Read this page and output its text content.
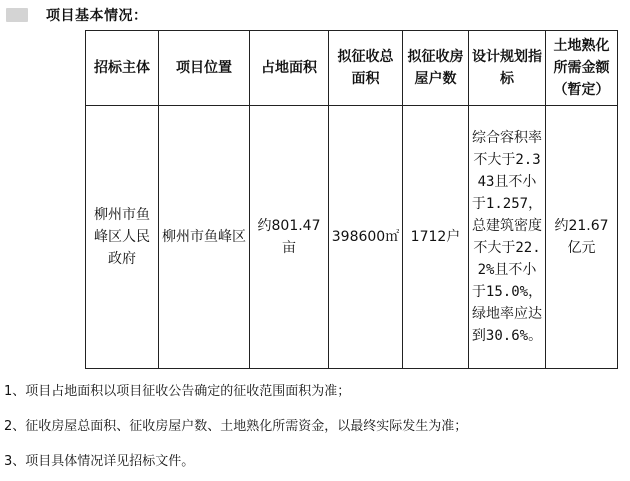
项目基本情况：
招标主体	项目位置	占地面积	拟征收总面积	拟征收房屋户数	设计规划指标	土地熟化所需金额（暂定）
柳州市鱼峰区人民政府	柳州市鱼峰区	约801.47亩	398600㎡	1712户	综合容积率不大于2.343且不小于1.257，总建筑密度不大于22.2%且不小于15.0%，绿地率应达到30.6%。	约21.67亿元

1、项目占地面积以项目征收公告确定的征收范围面积为准；

2、征收房屋总面积、征收房屋户数、土地熟化所需资金，以最终实际发生为准；

3、项目具体情况详见招标文件。
